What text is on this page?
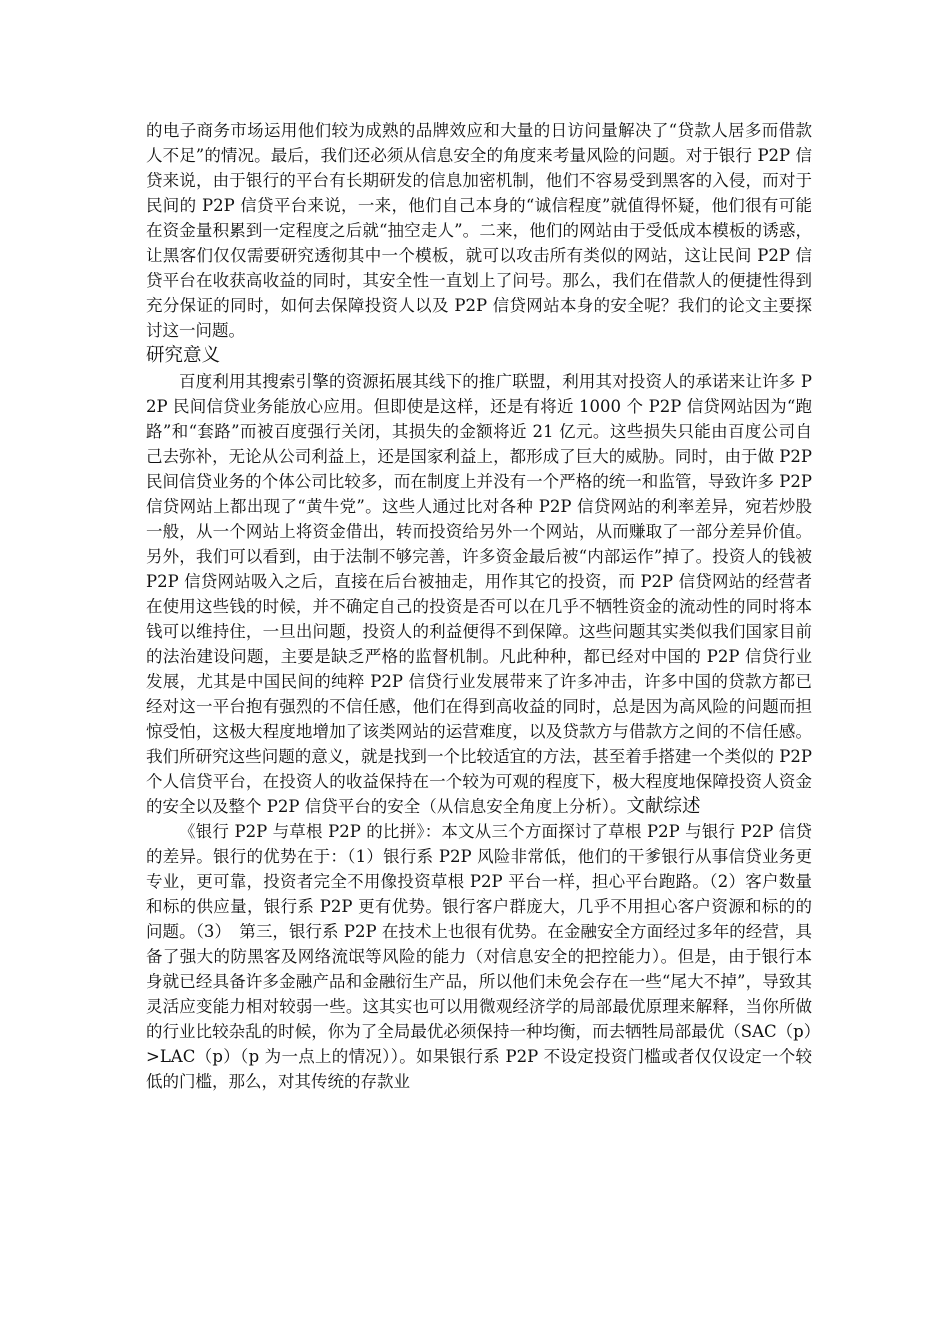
的电子商务市场运用他们较为成熟的品牌效应和大量的日访问量解决了“贷款人居多而借款人不足”的情况。最后，我们还必须从信息安全的角度来考量风险的问题。对于银行 P2P 信贷来说，由于银行的平台有长期研发的信息加密机制，他们不容易受到黑客的入侵，而对于民间的 P2P 信贷平台来说，一来，他们自己本身的“诚信程度”就值得怀疑，他们很有可能在资金量积累到一定程度之后就“抽空走人”。二来，他们的网站由于受低成本模板的诱惑，让黑客们仅仅需要研究透彻其中一个模板，就可以攻击所有类似的网站，这让民间 P2P 信贷平台在收获高收益的同时，其安全性一直划上了问号。那么，我们在借款人的便捷性得到充分保证的同时，如何去保障投资人以及 P2P 信贷网站本身的安全呢？我们的论文主要探讨这一问题。

研究意义

百度利用其搜索引擎的资源拓展其线下的推广联盟，利用其对投资人的承诺来让许多 P2P 民间信贷业务能放心应用。但即使是这样，还是有将近 1000 个 P2P 信贷网站因为“跑路”和“套路”而被百度强行关闭，其损失的金额将近 21 亿元。这些损失只能由百度公司自己去弥补，无论从公司利益上，还是国家利益上，都形成了巨大的威胁。同时，由于做 P2P 民间信贷业务的个体公司比较多，而在制度上并没有一个严格的统一和监管，导致许多 P2P 信贷网站上都出现了“黄牛党”。这些人通过比对各种 P2P 信贷网站的利率差异，宛若炒股一般，从一个网站上将资金借出，转而投资给另外一个网站，从而赚取了一部分差异价值。另外，我们可以看到，由于法制不够完善，许多资金最后被“内部运作”掉了。投资人的钱被 P2P 信贷网站吸入之后，直接在后台被抽走，用作其它的投资，而 P2P 信贷网站的经营者在使用这些钱的时候，并不确定自己的投资是否可以在几乎不牺牲资金的流动性的同时将本钱可以维持住，一旦出问题，投资人的利益便得不到保障。这些问题其实类似我们国家目前的法治建设问题，主要是缺乏严格的监督机制。凡此种种，都已经对中国的 P2P 信贷行业发展，尤其是中国民间的纯粹 P2P 信贷行业发展带来了许多冲击，许多中国的贷款方都已经对这一平台抱有强烈的不信任感，他们在得到高收益的同时，总是因为高风险的问题而担惊受怕，这极大程度地增加了该类网站的运营难度，以及贷款方与借款方之间的不信任感。我们所研究这些问题的意义，就是找到一个比较适宜的方法，甚至着手搭建一个类似的 P2P 个人信贷平台，在投资人的收益保持在一个较为可观的程度下，极大程度地保障投资人资金的安全以及整个 P2P 信贷平台的安全（从信息安全角度上分析）。文献综述

《银行 P2P 与草根 P2P 的比拼》：本文从三个方面探讨了草根 P2P 与银行 P2P 信贷的差异。银行的优势在于：（1）银行系 P2P 风险非常低，他们的干爹银行从事信贷业务更专业，更可靠，投资者完全不用像投资草根 P2P 平台一样，担心平台跑路。（2）客户数量和标的供应量，银行系 P2P 更有优势。银行客户群庞大，几乎不用担心客户资源和标的的问题。（3）　第三，银行系 P2P 在技术上也很有优势。在金融安全方面经过多年的经营，具备了强大的防黑客及网络流氓等风险的能力（对信息安全的把控能力）。但是，由于银行本身就已经具备许多金融产品和金融衍生产品，所以他们未免会存在一些“尾大不掉”，导致其灵活应变能力相对较弱一些。这其实也可以用微观经济学的局部最优原理来解释，当你所做的行业比较杂乱的时候，你为了全局最优必须保持一种均衡，而去牺牲局部最优（SAC（p）>LAC（p）（p 为一点上的情况））。如果银行系 P2P 不设定投资门槛或者仅仅设定一个较低的门槛，那么，对其传统的存款业
